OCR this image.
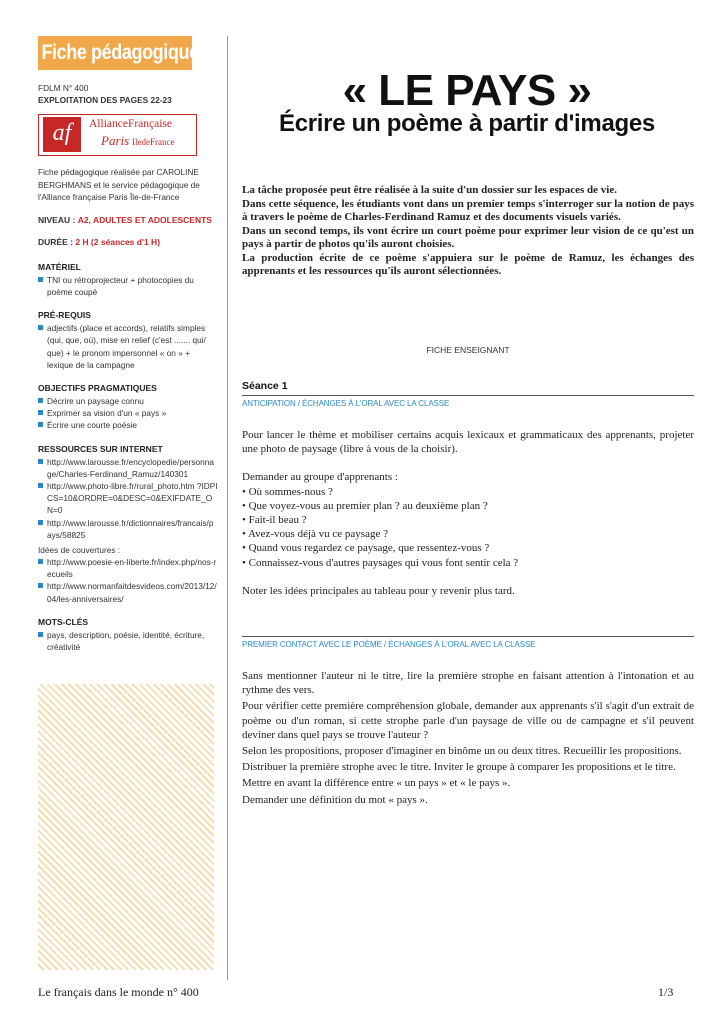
Fiche pédagogique
FDLM N° 400
EXPLOITATION DES PAGES 22-23
af	AllianceFrançaise
Paris IledeFrance
Fiche pédagogique réalisée par CAROLINE BERGHMANS et le service pédagogique de l'Alliance française Paris Île-de-France
NIVEAU : A2, ADULTES ET ADOLESCENTS
DURÉE : 2 H (2 séances d'1 H)
MATÉRIEL
TNI ou rétroprojecteur + photocopies du poème coupé
PRÉ-REQUIS
adjectifs (place et accords), relatifs simples (qui, que, où), mise en relief (c'est ....... qui/ que) + le pronom impersonnel « on » + lexique de la campagne
OBJECTIFS PRAGMATIQUES
Décrire un paysage connu
Exprimer sa vision d'un « pays »
Écrire une courte poésie
RESSOURCES SUR INTERNET
http://www.larousse.fr/encyclopedie/personnage/Charles-Ferdinand_Ramuz/140301
http://www.photo-libre.fr/rural_photo.htm ?IDPICS=10&ORDRE=0&DESC=0&EXIFDATE_ON=0
http://www.larousse.fr/dictionnaires/francais/pays/58825
Idées de couvertures :
http://www.poesie-en-liberte.fr/index.php/nos-recueils
http://www.normanfaitdesvideos.com/2013/12/04/les-anniversaires/
MOTS-CLÉS
pays, description, poésie, identité, écriture, créativité
« LE PAYS »
Écrire un poème à partir d'images

La tâche proposée peut être réalisée à la suite d'un dossier sur les espaces de vie.

Dans cette séquence, les étudiants vont dans un premier temps s'interroger sur la notion de pays à travers le poème de Charles-Ferdinand Ramuz et des documents visuels variés.

Dans un second temps, ils vont écrire un court poème pour exprimer leur vision de ce qu'est un pays à partir de photos qu'ils auront choisies.

La production écrite de ce poème s'appuiera sur le poème de Ramuz, les échanges des apprenants et les ressources qu'ils auront sélectionnées.

FICHE ENSEIGNANT
Séance 1
ANTICIPATION / ÉCHANGES À L'ORAL AVEC LA CLASSE

Pour lancer le thème et mobiliser certains acquis lexicaux et grammaticaux des apprenants, projeter une photo de paysage (libre à vous de la choisir).

Demander au groupe d'apprenants :

• Où sommes-nous ?

• Que voyez-vous au premier plan ? au deuxième plan ?

• Fait-il beau ?

• Avez-vous déjà vu ce paysage ?

• Quand vous regardez ce paysage, que ressentez-vous ?

• Connaissez-vous d'autres paysages qui vous font sentir cela ?

Noter les idées principales au tableau pour y revenir plus tard.

PREMIER CONTACT AVEC LE POÈME / ÉCHANGES À L'ORAL AVEC LA CLASSE

Sans mentionner l'auteur ni le titre, lire la première strophe en faisant attention à l'intonation et au rythme des vers.

Pour vérifier cette première compréhension globale, demander aux apprenants s'il s'agit d'un extrait de poème ou d'un roman, si cette strophe parle d'un paysage de ville ou de campagne et s'il peuvent deviner dans quel pays se trouve l'auteur ?

Selon les propositions, proposer d'imaginer en binôme un ou deux titres. Recueillir les propositions.

Distribuer la première strophe avec le titre. Inviter le groupe à comparer les propositions et le titre.

Mettre en avant la différence entre « un pays » et « le pays ».

Demander une définition du mot « pays ».

Le français dans le monde n° 400	1/3
